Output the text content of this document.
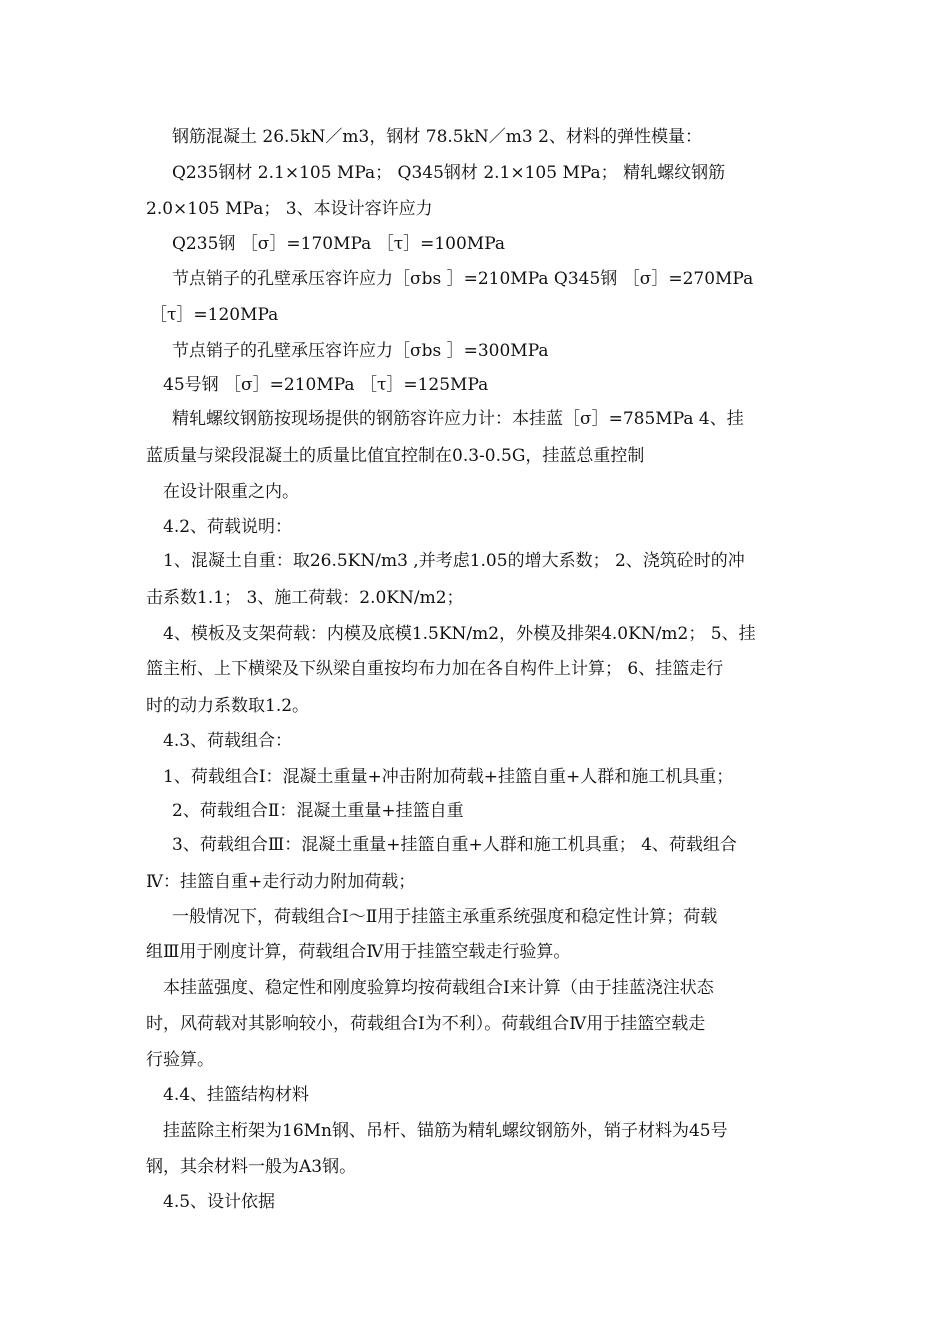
钢筋混凝土 26.5kN／m3，钢材 78.5kN／m3 2、材料的弹性模量：
Q235钢材 2.1×105 MPa； Q345钢材 2.1×105 MPa； 精轧螺纹钢筋
2.0×105 MPa； 3、本设计容许应力
Q235钢 ［σ］=170MPa ［τ］=100MPa
节点销子的孔壁承压容许应力［σbs ］=210MPa Q345钢 ［σ］=270MPa
［τ］=120MPa
节点销子的孔壁承压容许应力［σbs ］=300MPa
45号钢 ［σ］=210MPa ［τ］=125MPa
精轧螺纹钢筋按现场提供的钢筋容许应力计：本挂蓝［σ］=785MPa 4、挂
蓝质量与梁段混凝土的质量比值宜控制在0.3-0.5G，挂蓝总重控制
在设计限重之内。
4.2、荷载说明：
1、混凝土自重：取26.5KN/m3 ,并考虑1.05的增大系数； 2、浇筑砼时的冲
击系数1.1； 3、施工荷载：2.0KN/m2；
4、模板及支架荷载：内模及底模1.5KN/m2，外模及排架4.0KN/m2； 5、挂
篮主桁、上下横梁及下纵梁自重按均布力加在各自构件上计算； 6、挂篮走行
时的动力系数取1.2。
4.3、荷载组合：
1、荷载组合Ⅰ：混凝土重量+冲击附加荷载+挂篮自重+人群和施工机具重；
2、荷载组合Ⅱ：混凝土重量+挂篮自重
3、荷载组合Ⅲ：混凝土重量+挂篮自重+人群和施工机具重； 4、荷载组合
Ⅳ：挂篮自重+走行动力附加荷载；
一般情况下，荷载组合Ⅰ～Ⅱ用于挂篮主承重系统强度和稳定性计算；荷载
组Ⅲ用于刚度计算，荷载组合Ⅳ用于挂篮空载走行验算。
本挂蓝强度、稳定性和刚度验算均按荷载组合Ⅰ来计算（由于挂蓝浇注状态
时，风荷载对其影响较小，荷载组合Ⅰ为不利）。荷载组合Ⅳ用于挂篮空载走
行验算。
4.4、挂篮结构材料
挂蓝除主桁架为16Mn钢、吊杆、锚筋为精轧螺纹钢筋外，销子材料为45号
钢，其余材料一般为A3钢。
4.5、设计依据
